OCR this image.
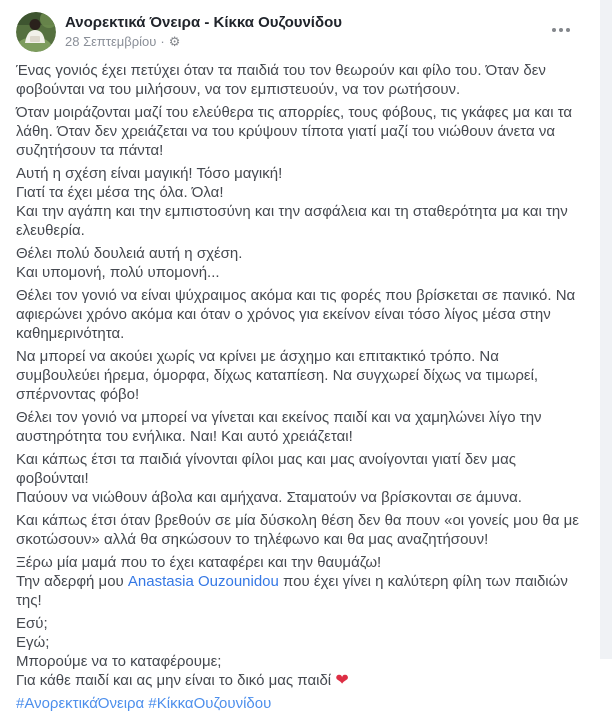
Ανορεκτικά Όνειρα - Κίκκα Ουζουνίδου
28 Σεπτεμβρίου · ⚙

Ένας γονιός έχει πετύχει όταν τα παιδιά του τον θεωρούν και φίλο του. Όταν δεν φοβούνται να του μιλήσουν, να τον εμπιστευούν, να τον ρωτήσουν.

Όταν μοιράζονται μαζί του ελεύθερα τις απορρίες, τους φόβους, τις γκάφες μα και τα λάθη. Όταν δεν χρειάζεται να του κρύψουν τίποτα γιατί μαζί του νιώθουν άνετα να συζητήσουν τα πάντα!

Αυτή η σχέση είναι μαγική! Τόσο μαγική!
Γιατί τα έχει μέσα της όλα. Όλα!
Και την αγάπη και την εμπιστοσύνη και την ασφάλεια και τη σταθερότητα μα και την ελευθερία.

Θέλει πολύ δουλειά αυτή η σχέση.
Και υπομονή, πολύ υπομονή...

Θέλει τον γονιό να είναι ψύχραιμος ακόμα και τις φορές που βρίσκεται σε πανικό. Να αφιερώνει χρόνο ακόμα και όταν ο χρόνος για εκείνον είναι τόσο λίγος μέσα στην καθημερινότητα.

Να μπορεί να ακούει χωρίς να κρίνει με άσχημο και επιτακτικό τρόπο. Να συμβουλεύει ήρεμα, όμορφα, δίχως καταπίεση. Να συγχωρεί δίχως να τιμωρεί, σπέρνοντας φόβο!

Θέλει τον γονιό να μπορεί να γίνεται και εκείνος παιδί και να χαμηλώνει λίγο την αυστηρότητα του ενήλικα. Ναι! Και αυτό χρειάζεται!

Και κάπως έτσι τα παιδιά γίνονται φίλοι μας και μας ανοίγονται γιατί δεν μας φοβούνται!
Παύουν να νιώθουν άβολα και αμήχανα. Σταματούν να βρίσκονται σε άμυνα.

Και κάπως έτσι όταν βρεθούν σε μία δύσκολη θέση δεν θα πουν «οι γονείς μου θα με σκοτώσουν» αλλά θα σηκώσουν το τηλέφωνο και θα μας αναζητήσουν!

Ξέρω μία μαμά που το έχει καταφέρει και την θαυμάζω!
Την αδερφή μου Anastasia Ouzounidou που έχει γίνει η καλύτερη φίλη των παιδιών της!

Εσύ;
Εγώ;
Μπορούμε να το καταφέρουμε;
Για κάθε παιδί και ας μην είναι το δικό μας παιδί ❤

#ΑνορεκτικάΌνειρα #ΚίκκαΟυζουνίδου
